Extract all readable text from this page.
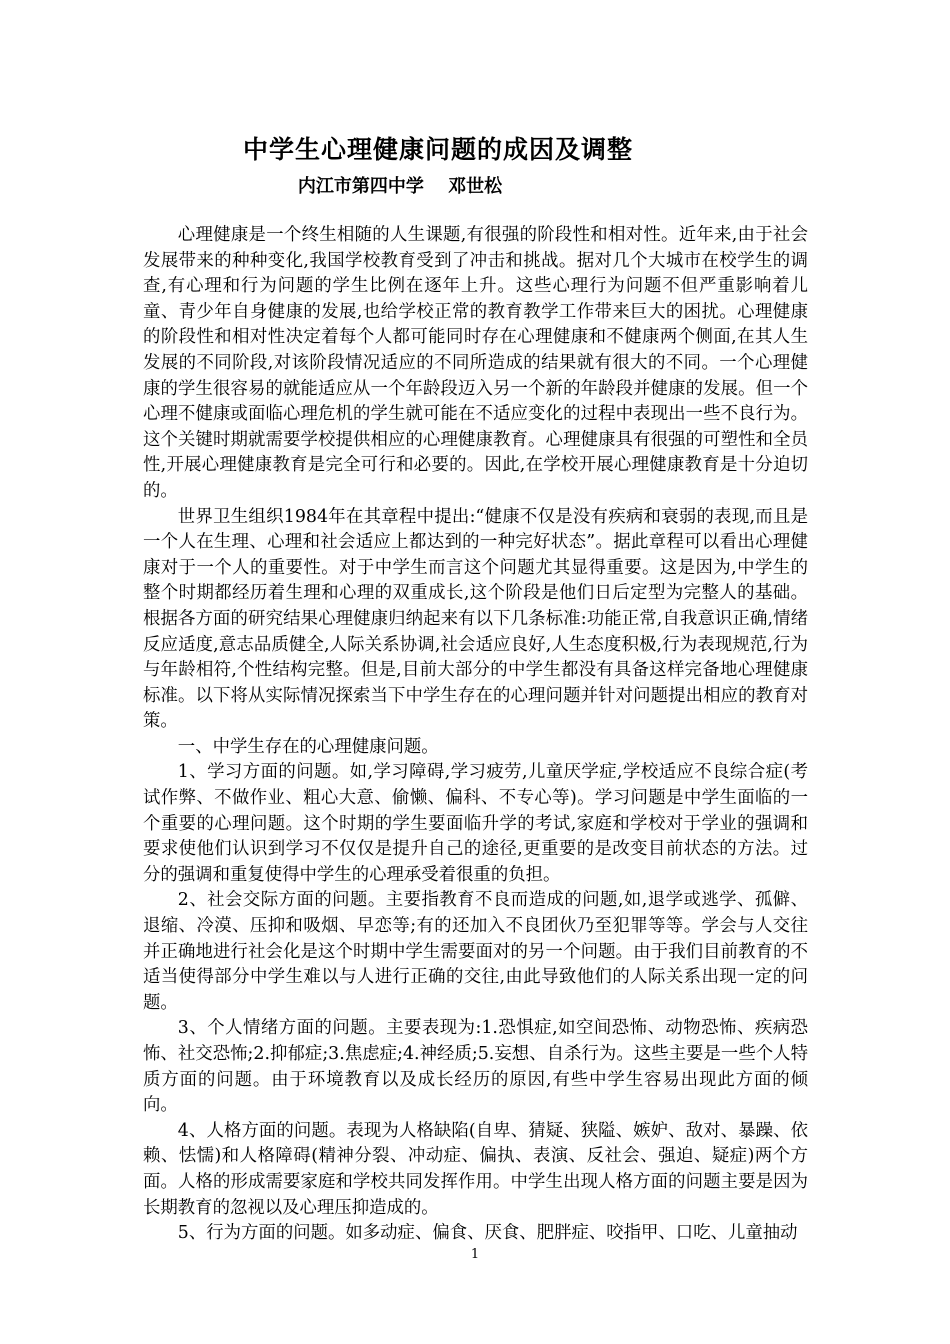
中学生心理健康问题的成因及调整
内江市第四中学　 邓世松

心理健康是一个终生相随的人生课题,有很强的阶段性和相对性。近年来,由于社会发展带来的种种变化,我国学校教育受到了冲击和挑战。据对几个大城市在校学生的调查,有心理和行为问题的学生比例在逐年上升。这些心理行为问题不但严重影响着儿童、青少年自身健康的发展,也给学校正常的教育教学工作带来巨大的困扰。心理健康的阶段性和相对性决定着每个人都可能同时存在心理健康和不健康两个侧面,在其人生发展的不同阶段,对该阶段情况适应的不同所造成的结果就有很大的不同。一个心理健康的学生很容易的就能适应从一个年龄段迈入另一个新的年龄段并健康的发展。但一个心理不健康或面临心理危机的学生就可能在不适应变化的过程中表现出一些不良行为。这个关键时期就需要学校提供相应的心理健康教育。心理健康具有很强的可塑性和全员性,开展心理健康教育是完全可行和必要的。因此,在学校开展心理健康教育是十分迫切的。

世界卫生组织1984年在其章程中提出:“健康不仅是没有疾病和衰弱的表现,而且是一个人在生理、心理和社会适应上都达到的一种完好状态”。据此章程可以看出心理健康对于一个人的重要性。对于中学生而言这个问题尤其显得重要。这是因为,中学生的整个时期都经历着生理和心理的双重成长,这个阶段是他们日后定型为完整人的基础。根据各方面的研究结果心理健康归纳起来有以下几条标准:功能正常,自我意识正确,情绪反应适度,意志品质健全,人际关系协调,社会适应良好,人生态度积极,行为表现规范,行为与年龄相符,个性结构完整。但是,目前大部分的中学生都没有具备这样完备地心理健康标准。以下将从实际情况探索当下中学生存在的心理问题并针对问题提出相应的教育对策。

一、中学生存在的心理健康问题。

1、学习方面的问题。如,学习障碍,学习疲劳,儿童厌学症,学校适应不良综合症(考试作弊、不做作业、粗心大意、偷懒、偏科、不专心等)。学习问题是中学生面临的一个重要的心理问题。这个时期的学生要面临升学的考试,家庭和学校对于学业的强调和要求使他们认识到学习不仅仅是提升自己的途径,更重要的是改变目前状态的方法。过分的强调和重复使得中学生的心理承受着很重的负担。

2、社会交际方面的问题。主要指教育不良而造成的问题,如,退学或逃学、孤僻、退缩、冷漠、压抑和吸烟、早恋等;有的还加入不良团伙乃至犯罪等等。学会与人交往并正确地进行社会化是这个时期中学生需要面对的另一个问题。由于我们目前教育的不适当使得部分中学生难以与人进行正确的交往,由此导致他们的人际关系出现一定的问题。

3、个人情绪方面的问题。主要表现为:1.恐惧症,如空间恐怖、动物恐怖、疾病恐怖、社交恐怖;2.抑郁症;3.焦虑症;4.神经质;5.妄想、自杀行为。这些主要是一些个人特质方面的问题。由于环境教育以及成长经历的原因,有些中学生容易出现此方面的倾向。

4、人格方面的问题。表现为人格缺陷(自卑、猜疑、狭隘、嫉妒、敌对、暴躁、依赖、怯懦)和人格障碍(精神分裂、冲动症、偏执、表演、反社会、强迫、疑症)两个方面。人格的形成需要家庭和学校共同发挥作用。中学生出现人格方面的问题主要是因为长期教育的忽视以及心理压抑造成的。

5、行为方面的问题。如多动症、偏食、厌食、肥胖症、咬指甲、口吃、儿童抽动

1
